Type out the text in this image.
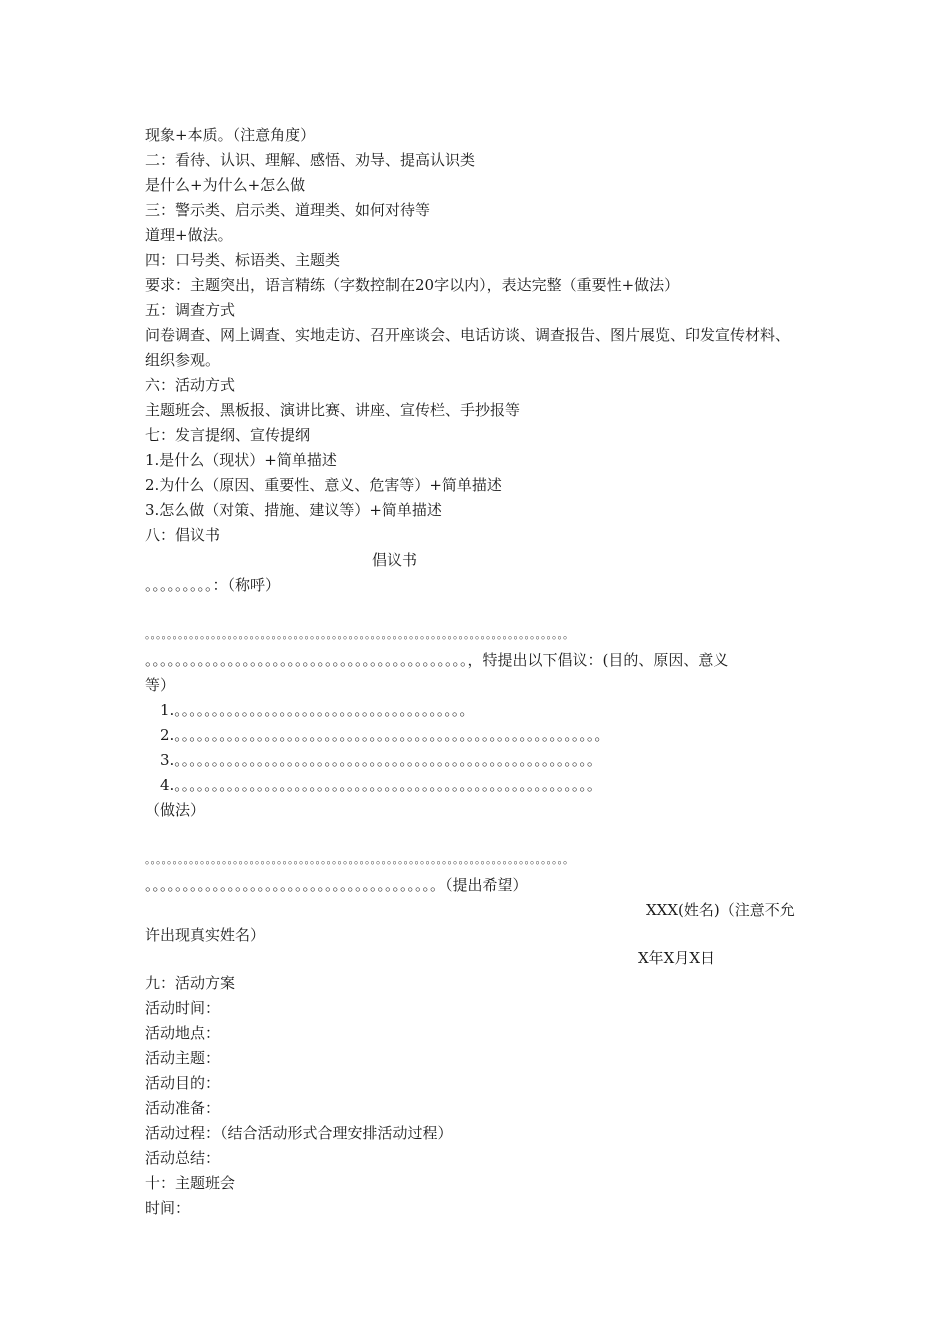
现象+本质。（注意角度）
二：看待、认识、理解、感悟、劝导、提高认识类
是什么+为什么+怎么做
三：警示类、启示类、道理类、如何对待等
道理+做法。
四：口号类、标语类、主题类
要求：主题突出，语言精练（字数控制在20字以内），表达完整（重要性+做法）
五：调查方式
问卷调查、网上调查、实地走访、召开座谈会、电话访谈、调查报告、图片展览、印发宣传材料、
组织参观。
六：活动方式
主题班会、黑板报、演讲比赛、讲座、宣传栏、手抄报等
七：发言提纲、宣传提纲
1.是什么（现状）+简单描述
2.为什么（原因、重要性、意义、危害等）+简单描述
3.怎么做（对策、措施、建议等）+简单描述
八：倡议书
倡议书
。。。。。。。。。：（称呼）
。。。。。。。。。。。。。。。。。。。。。。。。。。。。。。。。。。。。。。。。。。。。。。。。。。。。。。。。。。。。。。。。。。。。。。。。。。。。。
。。。。。。。。。。。。。。。。。。。。。。。。。。。。。。。。。。。。。。。。。。。，特提出以下倡议：(目的、原因、意义
等）
1.。。。。。。。。。。。。。。。。。。。。。。。。。。。。。。。。。。。。。。。
2.。。。。。。。。。。。。。。。。。。。。。。。。。。。。。。。。。。。。。。。。。。。。。。。。。。。。。。。。。
3.。。。。。。。。。。。。。。。。。。。。。。。。。。。。。。。。。。。。。。。。。。。。。。。。。。。。。。。。
4.。。。。。。。。。。。。。。。。。。。。。。。。。。。。。。。。。。。。。。。。。。。。。。。。。。。。。。。。
（做法）
。。。。。。。。。。。。。。。。。。。。。。。。。。。。。。。。。。。。。。。。。。。。。。。。。。。。。。。。。。。。。。。。。。。。。。。。。。。。。
。。。。。。。。。。。。。。。。。。。。。。。。。。。。。。。。。。。。。。。（提出希望）
XXX(姓名)（注意不允
许出现真实姓名）
X年X月X日
九：活动方案
活动时间：
活动地点：
活动主题：
活动目的：
活动准备：
活动过程：（结合活动形式合理安排活动过程）
活动总结：
十：主题班会
时间：
